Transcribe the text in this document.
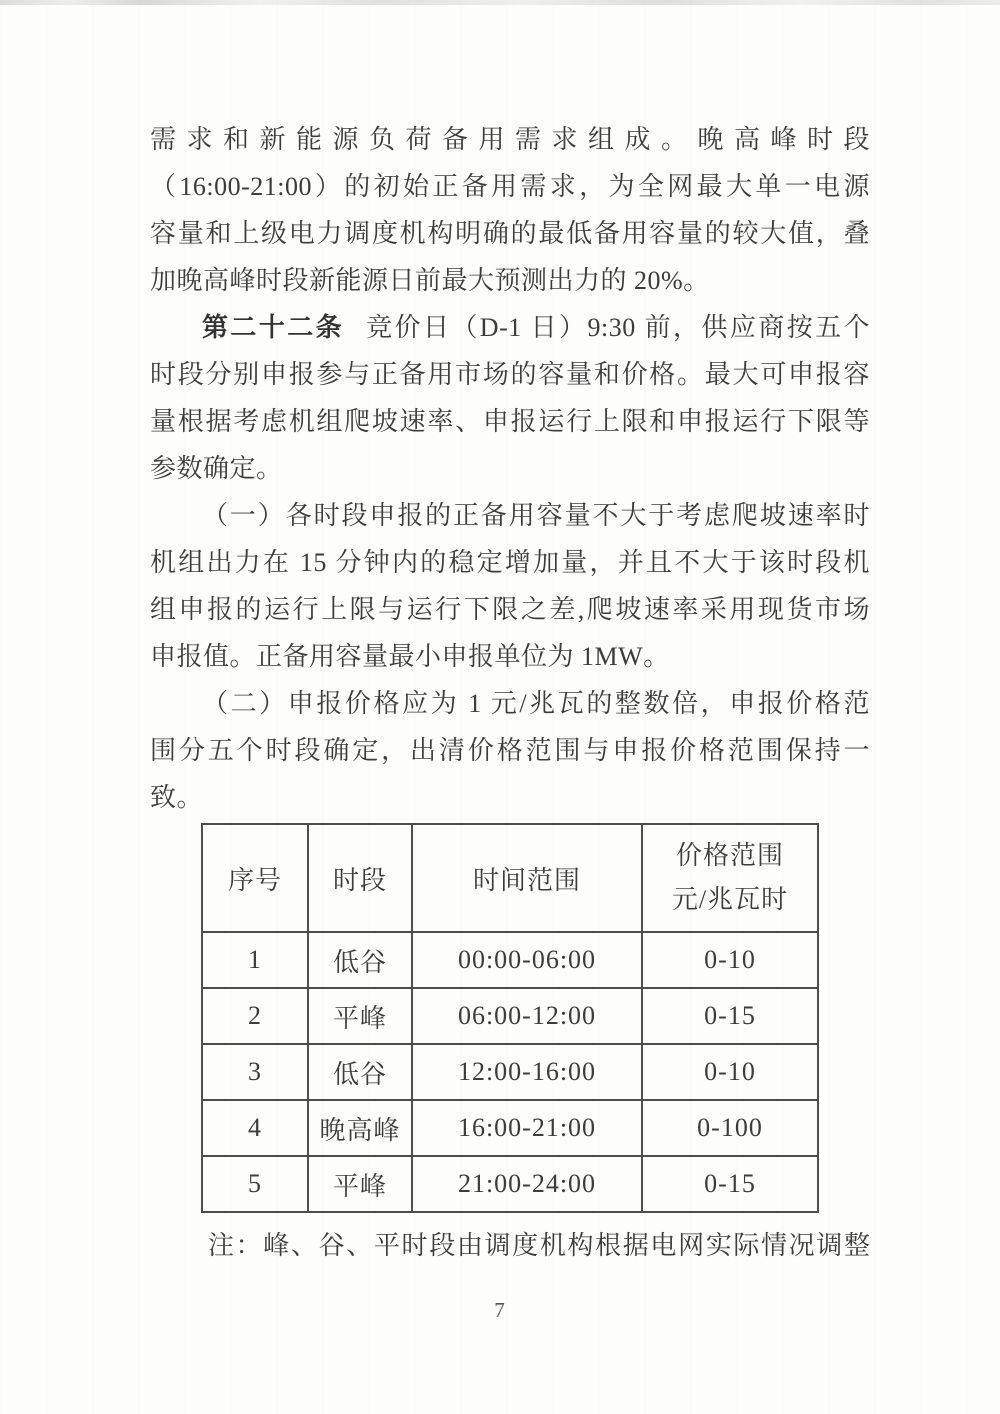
需求和新能源负荷备用需求组成。晚高峰时段
（16:00-21:00）的初始正备用需求，为全网最大单一电源
容量和上级电力调度机构明确的最低备用容量的较大值，叠
加晚高峰时段新能源日前最大预测出力的 20%。
第二十二条 竞价日（D-1 日）9:30 前，供应商按五个
时段分别申报参与正备用市场的容量和价格。最大可申报容
量根据考虑机组爬坡速率、申报运行上限和申报运行下限等
参数确定。
（一）各时段申报的正备用容量不大于考虑爬坡速率时
机组出力在 15 分钟内的稳定增加量，并且不大于该时段机
组申报的运行上限与运行下限之差,爬坡速率采用现货市场
申报值。正备用容量最小申报单位为 1MW。
（二）申报价格应为 1 元/兆瓦的整数倍，申报价格范
围分五个时段确定，出清价格范围与申报价格范围保持一
致。
序号	时段	时间范围	价格范围
元/兆瓦时

1	低谷	00:00-06:00	0-10
2	平峰	06:00-12:00	0-15
3	低谷	12:00-16:00	0-10
4	晚高峰	16:00-21:00	0-100
5	平峰	21:00-24:00	0-15
注：峰、谷、平时段由调度机构根据电网实际情况调整
7
